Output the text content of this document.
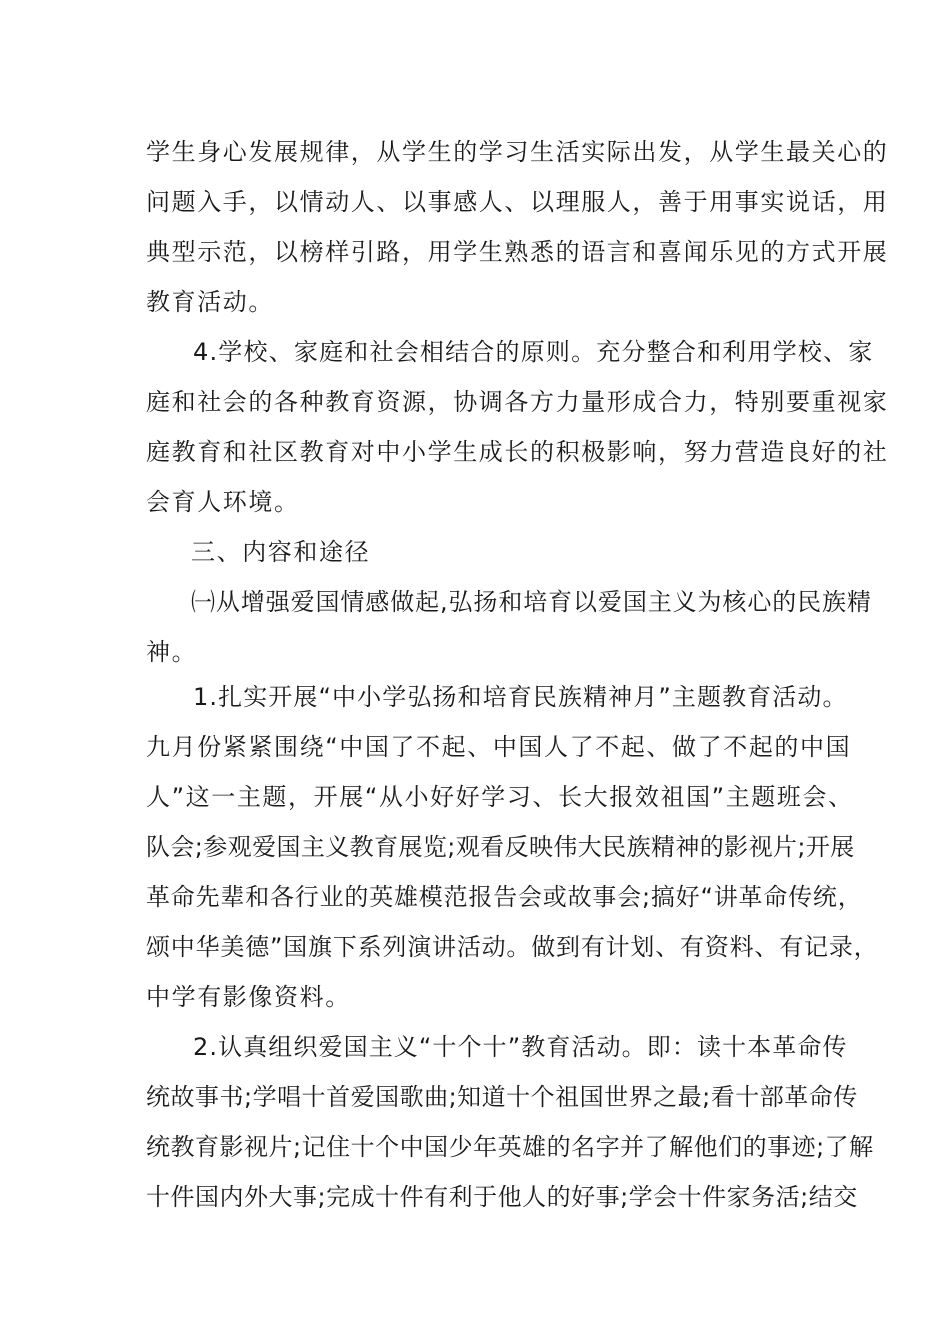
学生身心发展规律，从学生的学习生活实际出发，从学生最关心的
问题入手，以情动人、以事感人、以理服人，善于用事实说话，用
典型示范，以榜样引路，用学生熟悉的语言和喜闻乐见的方式开展
教育活动。
4.学校、家庭和社会相结合的原则。充分整合和利用学校、家
庭和社会的各种教育资源，协调各方力量形成合力，特别要重视家
庭教育和社区教育对中小学生成长的积极影响，努力营造良好的社
会育人环境。
三、内容和途径
㈠从增强爱国情感做起,弘扬和培育以爱国主义为核心的民族精
神。
1.扎实开展“中小学弘扬和培育民族精神月”主题教育活动。
九月份紧紧围绕“中国了不起、中国人了不起、做了不起的中国
人”这一主题，开展“从小好好学习、长大报效祖国”主题班会、
队会;参观爱国主义教育展览;观看反映伟大民族精神的影视片;开展
革命先辈和各行业的英雄模范报告会或故事会;搞好“讲革命传统，
颂中华美德”国旗下系列演讲活动。做到有计划、有资料、有记录，
中学有影像资料。
2.认真组织爱国主义“十个十”教育活动。即：读十本革命传
统故事书;学唱十首爱国歌曲;知道十个祖国世界之最;看十部革命传
统教育影视片;记住十个中国少年英雄的名字并了解他们的事迹;了解
十件国内外大事;完成十件有利于他人的好事;学会十件家务活;结交
